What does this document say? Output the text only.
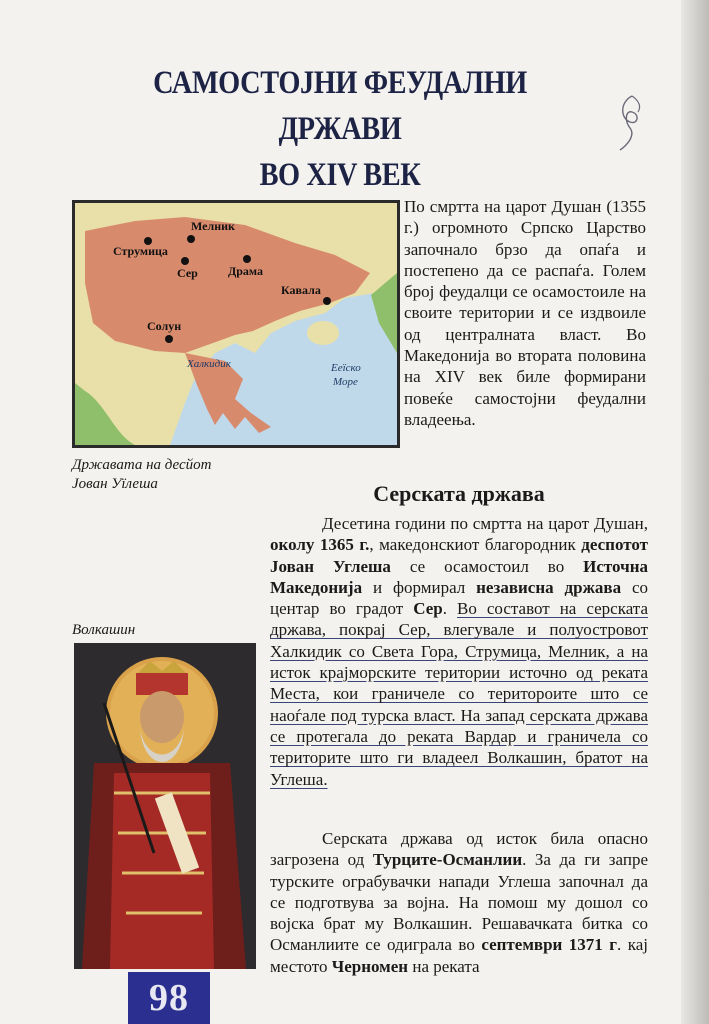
САМОСТОЈНИ ФЕУДАЛНИ ДРЖАВИ
ВО XIV ВЕК
Мелник
Струмица
Сер	Драма
Кавала
Солун
Халкидик	Ееїско
Море
Државата на десйот
Јован Уїлеша
По смртта на царот Душан (1355 г.) огромното Српско Царство започнало брзо да опаѓа и постепено да се распаѓа. Голем број феудалци се осамостоиле на своите територии и се издвоиле од централната власт. Во Македонија во втората половина на XIV век биле формирани повеќе самостојни феудални владеења.
Серската држава
Десетина години по смртта на царот Душан, околу 1365 г., македонскиот благородник деспотот Јован Углеша се осамостоил во Источна Македонија и формирал независна држава со центар во градот Сер. Во составот на серската држава, покрај Сер, влегувале и полуостровот Халкидик со Света Гора, Струмица, Мелник, а на исток крајморските територии источно од реката Места, кои граничеле со територоите што се наоѓале под турска власт. На запад серската држава се протегала до реката Вардар и граничела со територите што ги владеел Волкашин, братот на Углеша.
Серската држава од исток била опасно загрозена од Турците-Османлии. За да ги запре турските ограбувачки напади Углеша започнал да се подготвува за војна. На помош му дошол со војска брат му Волкашин. Решавачката битка со Османлиите се одиграла во септември 1371 г. кај местото Черномен на реката
Волкашин
98
